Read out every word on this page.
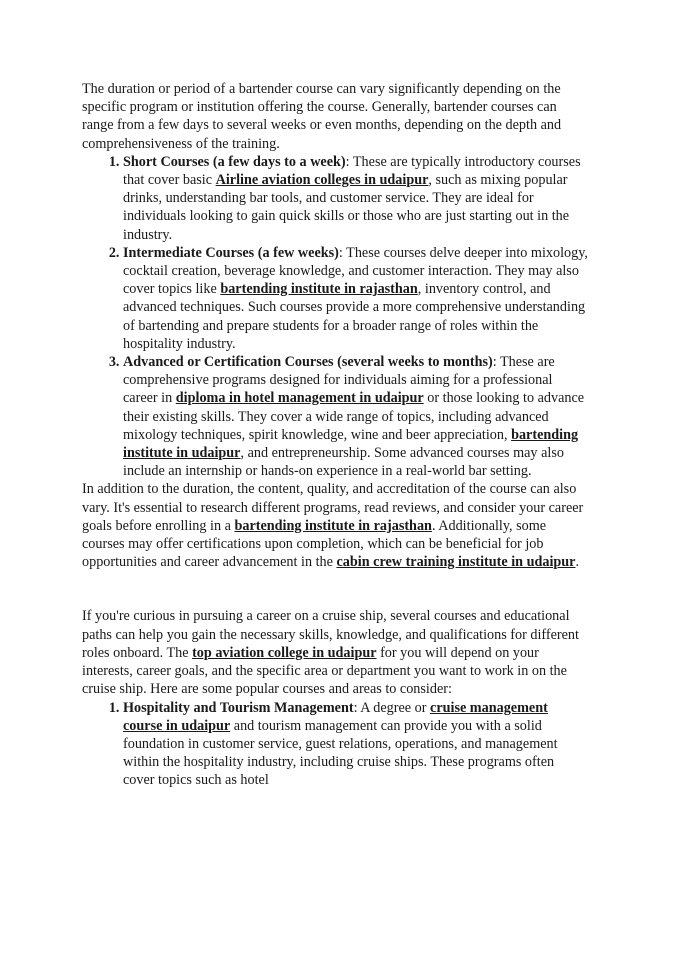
The duration or period of a bartender course can vary significantly depending on the specific program or institution offering the course. Generally, bartender courses can range from a few days to several weeks or even months, depending on the depth and comprehensiveness of the training.

1. Short Courses (a few days to a week): These are typically introductory courses that cover basic Airline aviation colleges in udaipur, such as mixing popular drinks, understanding bar tools, and customer service. They are ideal for individuals looking to gain quick skills or those who are just starting out in the industry.
2. Intermediate Courses (a few weeks): These courses delve deeper into mixology, cocktail creation, beverage knowledge, and customer interaction. They may also cover topics like bartending institute in rajasthan, inventory control, and advanced techniques. Such courses provide a more comprehensive understanding of bartending and prepare students for a broader range of roles within the hospitality industry.
3. Advanced or Certification Courses (several weeks to months): These are comprehensive programs designed for individuals aiming for a professional career in diploma in hotel management in udaipur or those looking to advance their existing skills. They cover a wide range of topics, including advanced mixology techniques, spirit knowledge, wine and beer appreciation, bartending institute in udaipur, and entrepreneurship. Some advanced courses may also include an internship or hands-on experience in a real-world bar setting.

In addition to the duration, the content, quality, and accreditation of the course can also vary. It's essential to research different programs, read reviews, and consider your career goals before enrolling in a bartending institute in rajasthan. Additionally, some courses may offer certifications upon completion, which can be beneficial for job opportunities and career advancement in the cabin crew training institute in udaipur.

If you're curious in pursuing a career on a cruise ship, several courses and educational paths can help you gain the necessary skills, knowledge, and qualifications for different roles onboard. The top aviation college in udaipur for you will depend on your interests, career goals, and the specific area or department you want to work in on the cruise ship. Here are some popular courses and areas to consider:

1. Hospitality and Tourism Management: A degree or cruise management course in udaipur and tourism management can provide you with a solid foundation in customer service, guest relations, operations, and management within the hospitality industry, including cruise ships. These programs often cover topics such as hotel
